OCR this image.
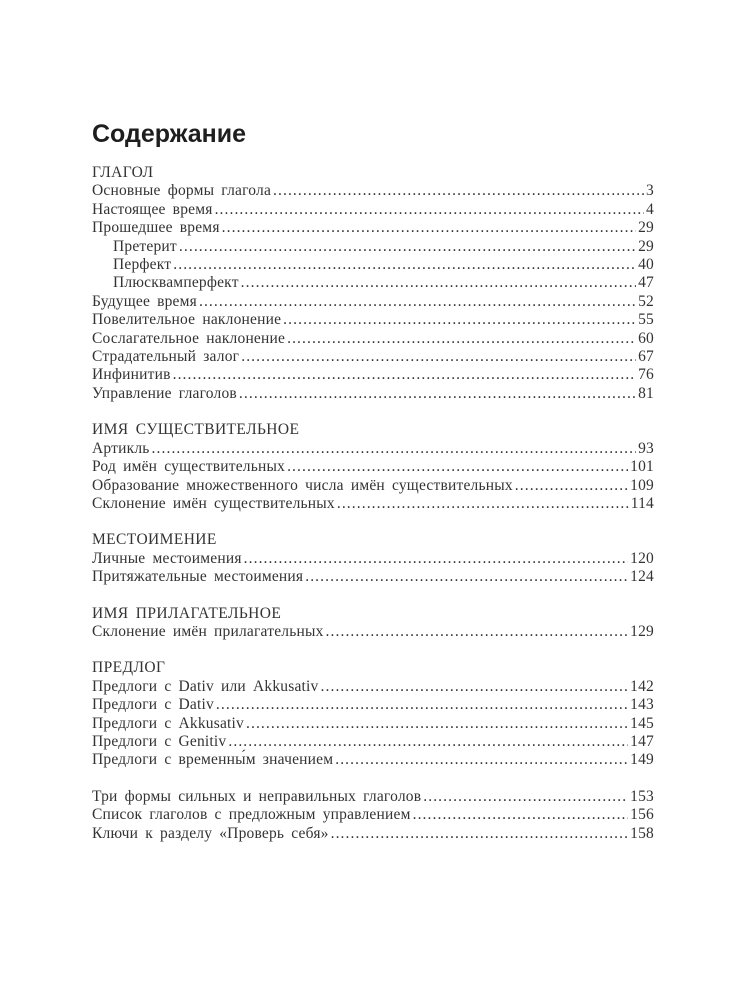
Содержание
ГЛАГОЛ
Основные формы глагола .....	3
Настоящее время .....	4
Прошедшее время .....	29
Претерит .....	29
Перфект .....	40
Плюсквамперфект .....	47
Будущее время .....	52
Повелительное наклонение .....	55
Сослагательное наклонение .....	60
Страдательный залог .....	67
Инфинитив .....	76
Управление глаголов .....	81
ИМЯ СУЩЕСТВИТЕЛЬНОЕ
Артикль .....	93
Род имён существительных .....	101
Образование множественного числа имён существительных .....	109
Склонение имён существительных .....	114
МЕСТОИМЕНИЕ
Личные местоимения .....	120
Притяжательные местоимения .....	124
ИМЯ ПРИЛАГАТЕЛЬНОЕ
Склонение имён прилагательных .....	129
ПРЕДЛОГ
Предлоги с Dativ или Akkusativ .....	142
Предлоги с Dativ .....	143
Предлоги с Akkusativ .....	145
Предлоги с Genitiv .....	147
Предлоги с временны́м значением .....	149
Три формы сильных и неправильных глаголов .....	153
Список глаголов с предложным управлением .....	156
Ключи к разделу «Проверь себя» .....	158
